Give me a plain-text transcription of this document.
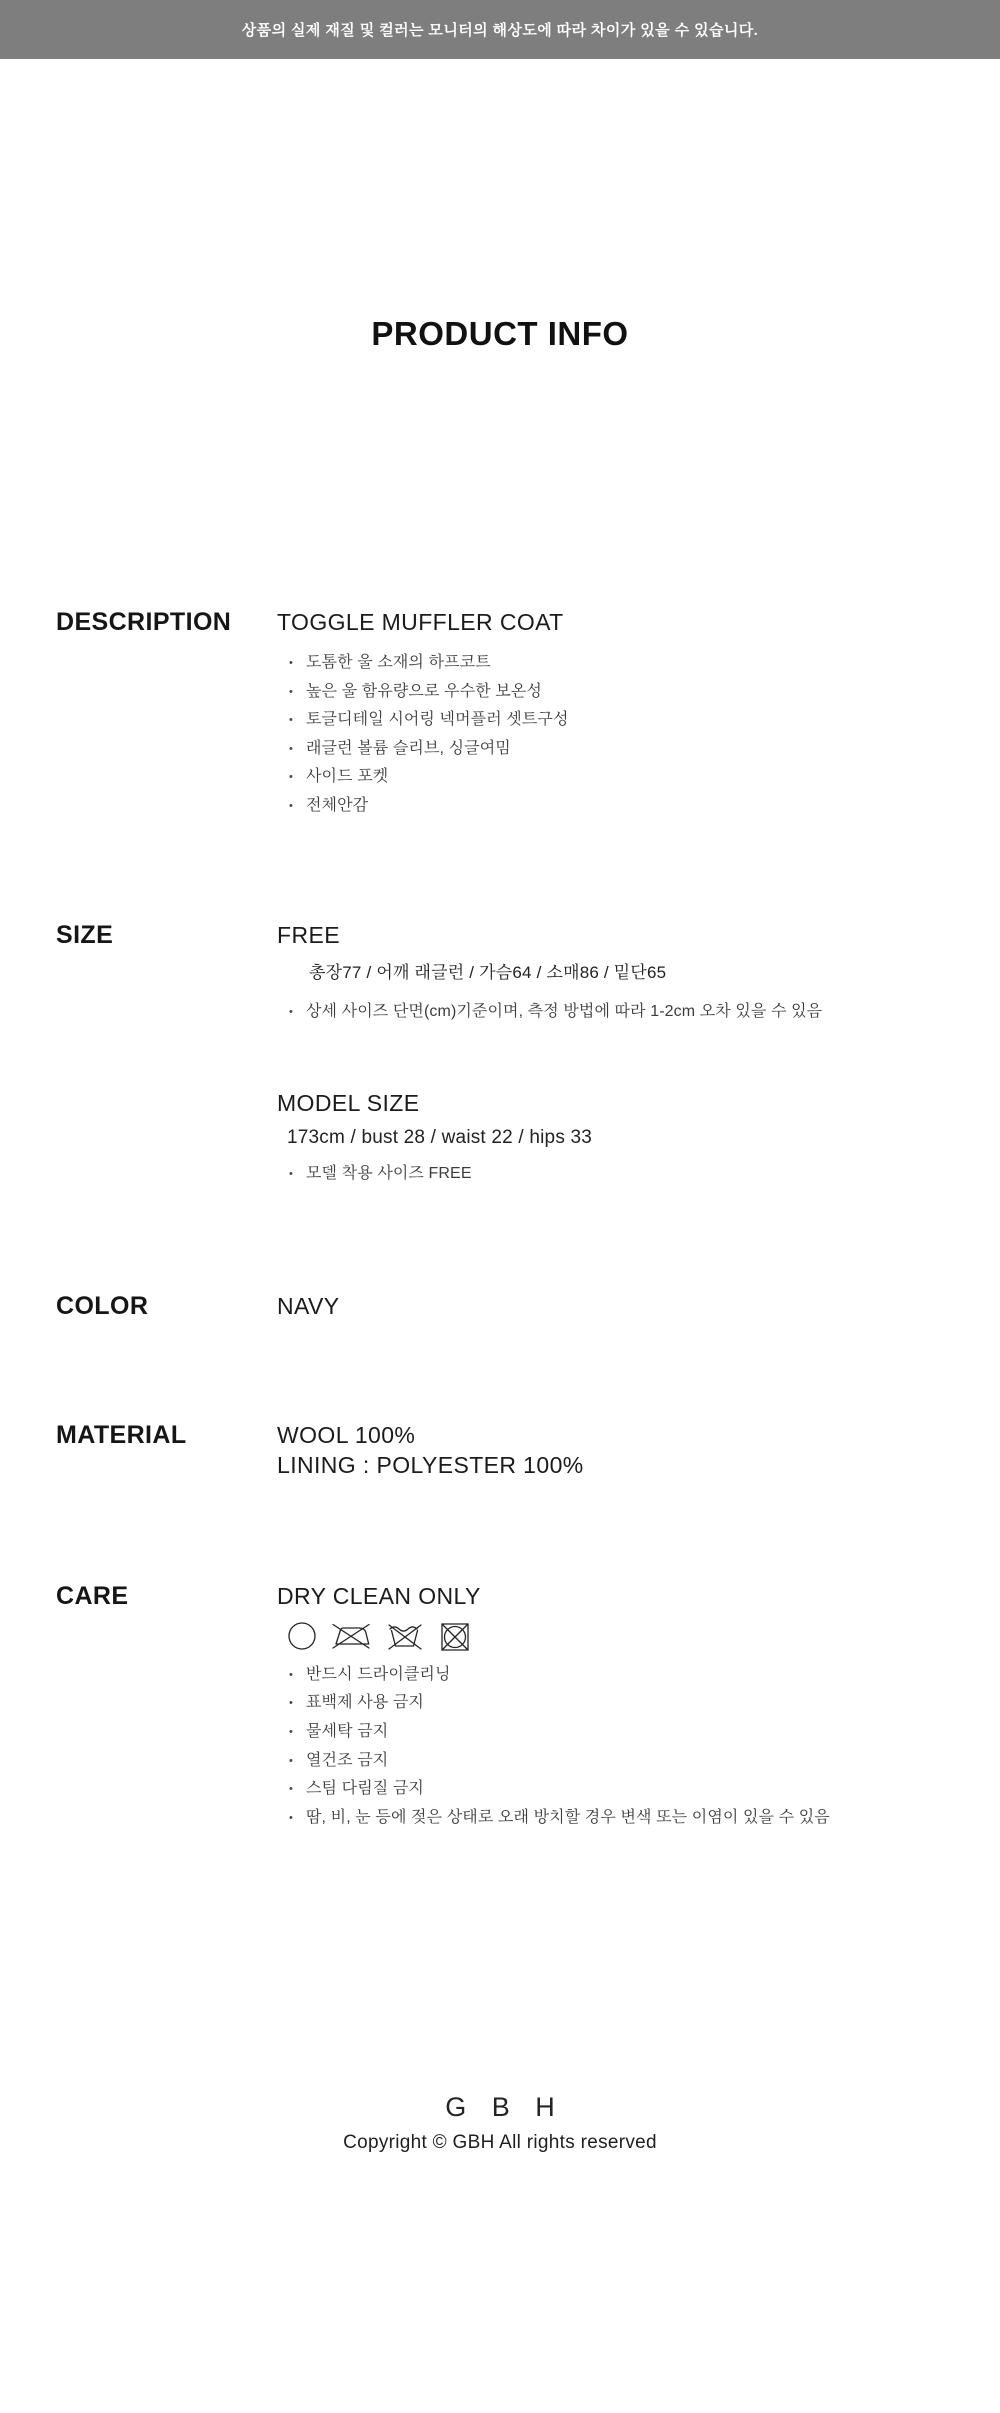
상품의 실제 재질 및 컬러는 모니터의 해상도에 따라 차이가 있을 수 있습니다.
PRODUCT INFO
DESCRIPTION	TOGGLE MUFFLER COAT
• 도톰한 울 소재의 하프코트
• 높은 울 함유량으로 우수한 보온성
• 토글디테일 시어링 넥머플러 셋트구성
• 래글런 볼륨 슬리브, 싱글여밈
• 사이드 포켓
• 전체안감
SIZE	FREE
총장77 / 어깨 래글런 / 가슴64 / 소매86 / 밑단65
• 상세 사이즈 단면(cm)기준이며, 측정 방법에 따라 1-2cm 오차 있을 수 있음
MODEL SIZE
173cm / bust 28 / waist 22 / hips 33
• 모델 착용 사이즈 FREE
COLOR	NAVY
MATERIAL	WOOL 100%
LINING : POLYESTER 100%
CARE	DRY CLEAN ONLY
• 반드시 드라이클리닝
• 표백제 사용 금지
• 물세탁 금지
• 열건조 금지
• 스팀 다림질 금지
• 땀, 비, 눈 등에 젖은 상태로 오래 방치할 경우 변색 또는 이염이 있을 수 있음
G B H
Copyright © GBH All rights reserved
